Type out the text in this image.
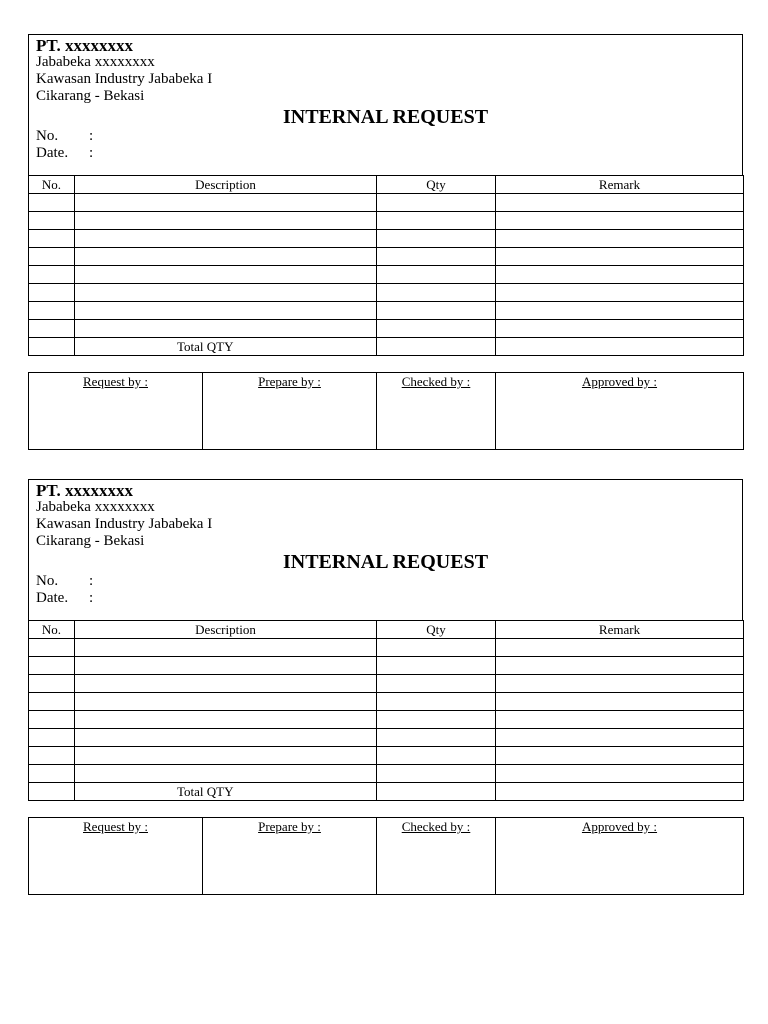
PT. xxxxxxxx
Jababeka xxxxxxxx
Kawasan Industry Jababeka I
Cikarang - Bekasi
INTERNAL REQUEST
No. :
Date. :
No.	Description	Qty	Remark

	Total QTY		
Request by :	Prepare by :	Checked by :	Approved by :
PT. xxxxxxxx
Jababeka xxxxxxxx
Kawasan Industry Jababeka I
Cikarang - Bekasi
INTERNAL REQUEST
No. :
Date. :
No.	Description	Qty	Remark

	Total QTY		
Request by :	Prepare by :	Checked by :	Approved by :
